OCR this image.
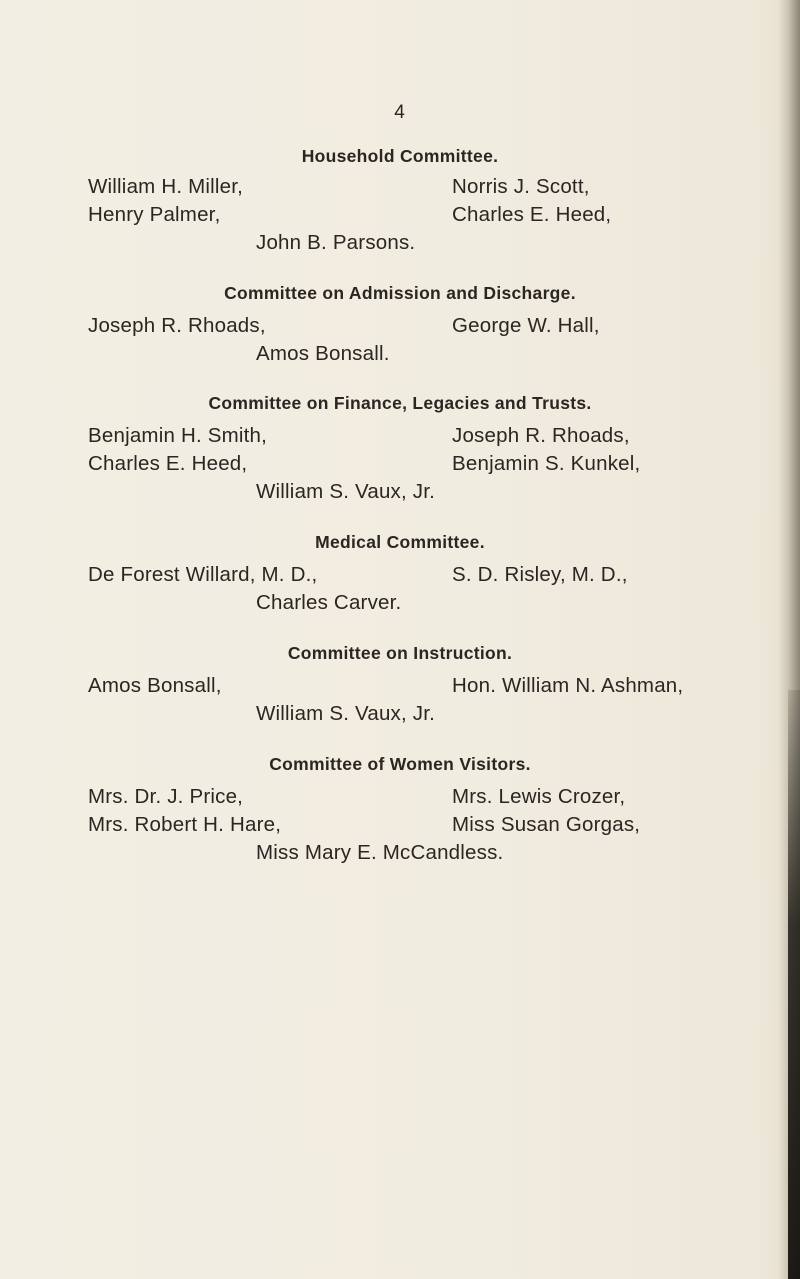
4
Household Committee.
William H. Miller,	Norris J. Scott,
Henry Palmer,	Charles E. Heed,
John B. Parsons.
Committee on Admission and Discharge.
Joseph R. Rhoads,	George W. Hall,
Amos Bonsall.
Committee on Finance, Legacies and Trusts.
Benjamin H. Smith,	Joseph R. Rhoads,
Charles E. Heed,	Benjamin S. Kunkel,
William S. Vaux, Jr.
Medical Committee.
De Forest Willard, M. D.,	S. D. Risley, M. D.,
Charles Carver.
Committee on Instruction.
Amos Bonsall,	Hon. William N. Ashman,
William S. Vaux, Jr.
Committee of Women Visitors.
Mrs. Dr. J. Price,	Mrs. Lewis Crozer,
Mrs. Robert H. Hare,	Miss Susan Gorgas,
Miss Mary E. McCandless.
